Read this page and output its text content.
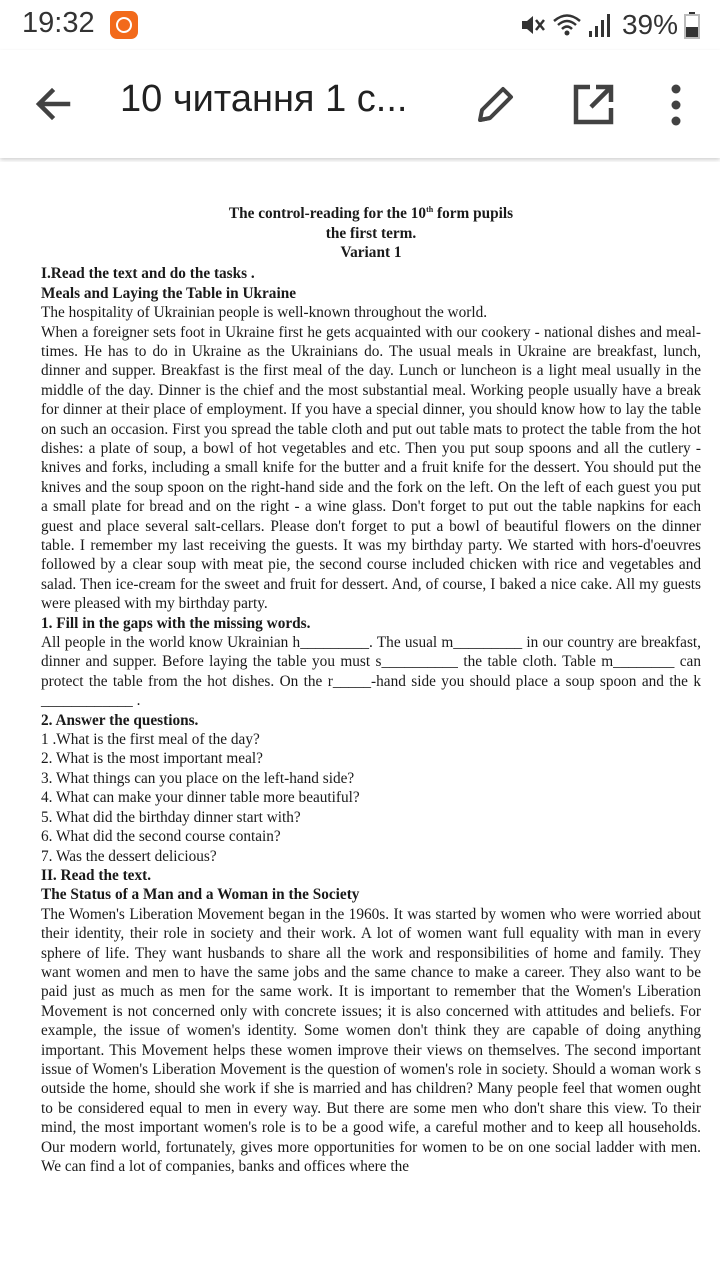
19:32	39%
10 читання 1 с...
The control-reading for the 10th form pupils
the first term.
Variant 1
I.Read the text and do the tasks .
Meals and Laying the Table in Ukraine
The hospitality of Ukrainian people is well-known throughout the world.
When a foreigner sets foot in Ukraine first he gets acquainted with our cookery - national dishes and meal-times. He has to do in Ukraine as the Ukrainians do. The usual meals in Ukraine are breakfast, lunch, dinner and supper. Breakfast is the first meal of the day. Lunch or luncheon is a light meal usually in the middle of the day. Dinner is the chief and the most substantial meal. Working people usually have a break for dinner at their place of employment. If you have a special dinner, you should know how to lay the table on such an occasion. First you spread the table cloth and put out table mats to protect the table from the hot dishes: a plate of soup, a bowl of hot vegetables and etc. Then you put soup spoons and all the cutlery -knives and forks, including a small knife for the butter and a fruit knife for the dessert. You should put the knives and the soup spoon on the right-hand side and the fork on the left. On the left of each guest you put a small plate for bread and on the right - a wine glass. Don't forget to put out the table napkins for each guest and place several salt-cellars. Please don't forget to put a bowl of beautiful flowers on the dinner table. I remember my last receiving the guests. It was my birthday party. We started with hors-d'oeuvres followed by a clear soup with meat pie, the second course included chicken with rice and vegetables and salad. Then ice-cream for the sweet and fruit for dessert. And, of course, I baked a nice cake. All my guests were pleased with my birthday party.
1. Fill in the gaps with the missing words.
All people in the world know Ukrainian h_________. The usual m_________ in our country are breakfast, dinner and supper. Before laying the table you must s__________ the table cloth. Table m________ can protect the table from the hot dishes. On the r_____-hand side you should place a soup spoon and the k ____________ .
2. Answer the questions.
1 .What is the first meal of the day?
2. What is the most important meal?
3. What things can you place on the left-hand side?
4. What can make your dinner table more beautiful?
5. What did the birthday dinner start with?
6. What did the second course contain?
7. Was the dessert delicious?
II. Read the text.
The Status of a Man and a Woman in the Society
The Women's Liberation Movement began in the 1960s. It was started by women who were worried about their identity, their role in society and their work. A lot of women want full equality with man in every sphere of life. They want husbands to share all the work and responsibilities of home and family. They want women and men to have the same jobs and the same chance to make a career. They also want to be paid just as much as men for the same work. It is important to remember that the Women's Liberation Movement is not concerned only with concrete issues; it is also concerned with attitudes and beliefs. For example, the issue of women's identity. Some women don't think they are capable of doing anything important. This Movement helps these women improve their views on themselves. The second important issue of Women's Liberation Movement is the question of women's role in society. Should a woman work s outside the home, should she work if she is married and has children? Many people feel that women ought to be considered equal to men in every way. But there are some men who don't share this view. To their mind, the most important women's role is to be a good wife, a careful mother and to keep all households. Our modern world, fortunately, gives more opportunities for women to be on one social ladder with men. We can find a lot of companies, banks and offices where the
